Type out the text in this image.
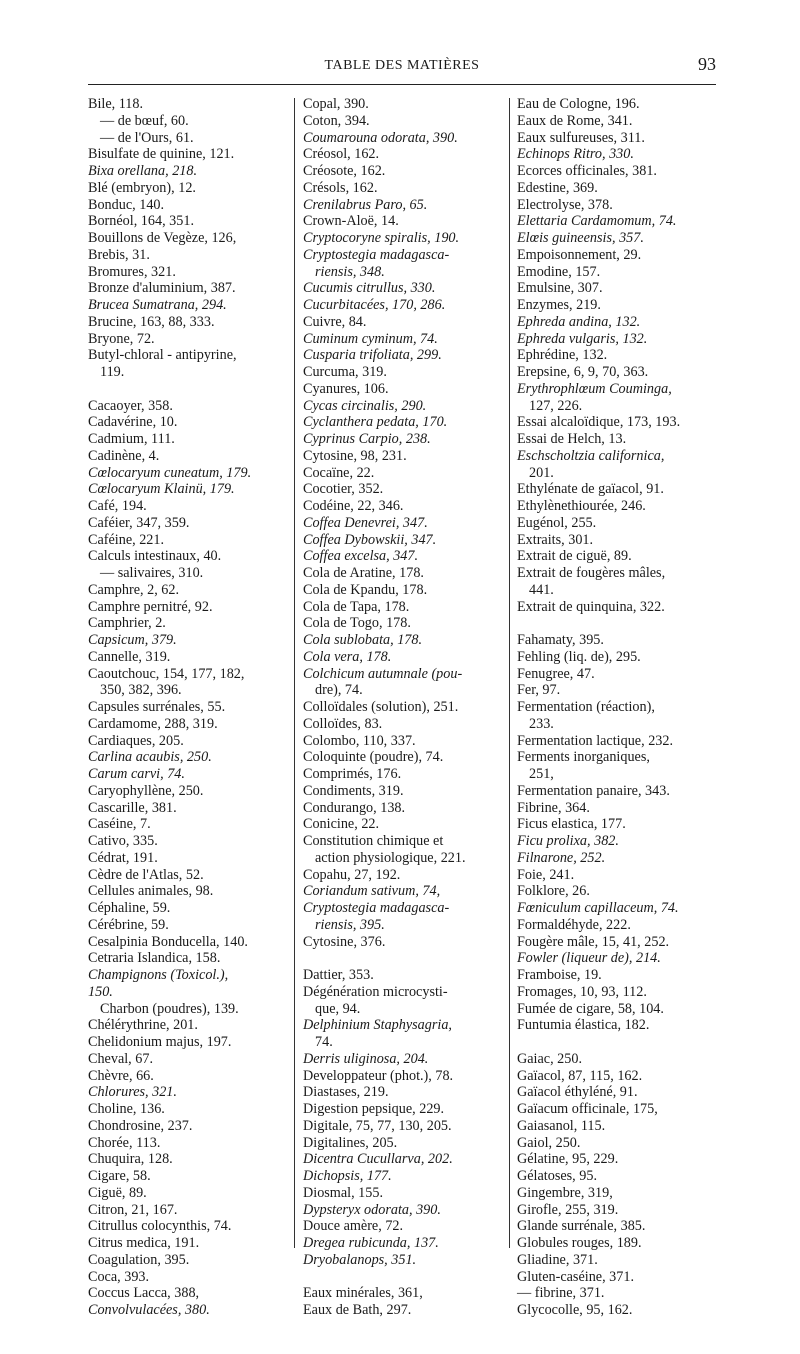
TABLE DES MATIÈRES	93
Bile, 118.
— de bœuf, 60.
— de l'Ours, 61.
Bisulfate de quinine, 121.
Bixa orellana, 218.
Blé (embryon), 12.
Bonduc, 140.
Bornéol, 164, 351.
Bouillons de Vegèze, 126,
Brebis, 31.
Bromures, 321.
Bronze d'aluminium, 387.
Brucea Sumatrana, 294.
Brucine, 163, 88, 333.
Bryone, 72.
Butyl-chloral - antipyrine,
119.
Cacaoyer, 358.
Cadavérine, 10.
Cadmium, 111.
Cadinène, 4.
Cœlocaryum cuneatum, 179.
Cœlocaryum Klainü, 179.
Café, 194.
Caféier, 347, 359.
Caféine, 221.
Calculs intestinaux, 40.
— salivaires, 310.
Camphre, 2, 62.
Camphre pernitré, 92.
Camphrier, 2.
Capsicum, 379.
Cannelle, 319.
Caoutchouc, 154, 177, 182,
350, 382, 396.
Capsules surrénales, 55.
Cardamome, 288, 319.
Cardiaques, 205.
Carlina acaubis, 250.
Carum carvi, 74.
Caryophyllène, 250.
Cascarille, 381.
Caséine, 7.
Cativo, 335.
Cédrat, 191.
Cèdre de l'Atlas, 52.
Cellules animales, 98.
Céphaline, 59.
Cérébrine, 59.
Cesalpinia Bonducella, 140.
Cetraria Islandica, 158.
Champignons (Toxicol.),
150.
Charbon (poudres), 139.
Chélérythrine, 201.
Chelidonium majus, 197.
Cheval, 67.
Chèvre, 66.
Chlorures, 321.
Choline, 136.
Chondrosine, 237.
Chorée, 113.
Chuquira, 128.
Cigare, 58.
Ciguë, 89.
Citron, 21, 167.
Citrullus colocynthis, 74.
Citrus medica, 191.
Coagulation, 395.
Coca, 393.
Coccus Lacca, 388,
Convolvulacées, 380.
Copal, 390.
Coton, 394.
Coumarouna odorata, 390.
Créosol, 162.
Créosote, 162.
Crésols, 162.
Crenilabrus Paro, 65.
Crown-Aloë, 14.
Cryptocoryne spiralis, 190.
Cryptostegia madagasca-
riensis, 348.
Cucumis citrullus, 330.
Cucurbitacées, 170, 286.
Cuivre, 84.
Cuminum cyminum, 74.
Cusparia trifoliata, 299.
Curcuma, 319.
Cyanures, 106.
Cycas circinalis, 290.
Cyclanthera pedata, 170.
Cyprinus Carpio, 238.
Cytosine, 98, 231.
Cocaïne, 22.
Cocotier, 352.
Codéine, 22, 346.
Coffea Denevrei, 347.
Coffea Dybowskii, 347.
Coffea excelsa, 347.
Cola de Aratine, 178.
Cola de Kpandu, 178.
Cola de Tapa, 178.
Cola de Togo, 178.
Cola sublobata, 178.
Cola vera, 178.
Colchicum autumnale (pou-
dre), 74.
Colloïdales (solution), 251.
Colloïdes, 83.
Colombo, 110, 337.
Coloquinte (poudre), 74.
Comprimés, 176.
Condiments, 319.
Condurango, 138.
Conicine, 22.
Constitution chimique et
action physiologique, 221.
Copahu, 27, 192.
Coriandum sativum, 74,
Cryptostegia madagasca-
riensis, 395.
Cytosine, 376.
Dattier, 353.
Dégénération microcysti-
que, 94.
Delphinium Staphysagria,
74.
Derris uliginosa, 204.
Developpateur (phot.), 78.
Diastases, 219.
Digestion pepsique, 229.
Digitale, 75, 77, 130, 205.
Digitalines, 205.
Dicentra Cucullarva, 202.
Dichopsis, 177.
Diosmal, 155.
Dypsteryx odorata, 390.
Douce amère, 72.
Dregea rubicunda, 137.
Dryobalanops, 351.
Eaux minérales, 361,
Eaux de Bath, 297.
Eau de Cologne, 196.
Eaux de Rome, 341.
Eaux sulfureuses, 311.
Echinops Ritro, 330.
Ecorces officinales, 381.
Edestine, 369.
Electrolyse, 378.
Elettaria Cardamomum, 74.
Elœis guineensis, 357.
Empoisonnement, 29.
Emodine, 157.
Emulsine, 307.
Enzymes, 219.
Ephreda andina, 132.
Ephreda vulgaris, 132.
Ephrédine, 132.
Erepsine, 6, 9, 70, 363.
Erythrophlœum Couminga,
127, 226.
Essai alcaloïdique, 173, 193.
Essai de Helch, 13.
Eschscholtzia californica,
201.
Ethylénate de gaïacol, 91.
Ethylènethiourée, 246.
Eugénol, 255.
Extraits, 301.
Extrait de ciguë, 89.
Extrait de fougères mâles,
441.
Extrait de quinquina, 322.
Fahamaty, 395.
Fehling (liq. de), 295.
Fenugree, 47.
Fer, 97.
Fermentation (réaction),
233.
Fermentation lactique, 232.
Ferments inorganiques,
251,
Fermentation panaire, 343.
Fibrine, 364.
Ficus elastica, 177.
Ficu prolixa, 382.
Filnarone, 252.
Foie, 241.
Folklore, 26.
Fœniculum capillaceum, 74.
Formaldéhyde, 222.
Fougère mâle, 15, 41, 252.
Fowler (liqueur de), 214.
Framboise, 19.
Fromages, 10, 93, 112.
Fumée de cigare, 58, 104.
Funtumia élastica, 182.
Gaiac, 250.
Gaïacol, 87, 115, 162.
Gaïacol éthyléné, 91.
Gaïacum officinale, 175,
Gaiasanol, 115.
Gaiol, 250.
Gélatine, 95, 229.
Gélatoses, 95.
Gingembre, 319,
Girofle, 255, 319.
Glande surrénale, 385.
Globules rouges, 189.
Gliadine, 371.
Gluten-caséine, 371.
— fibrine, 371.
Glycocolle, 95, 162.
